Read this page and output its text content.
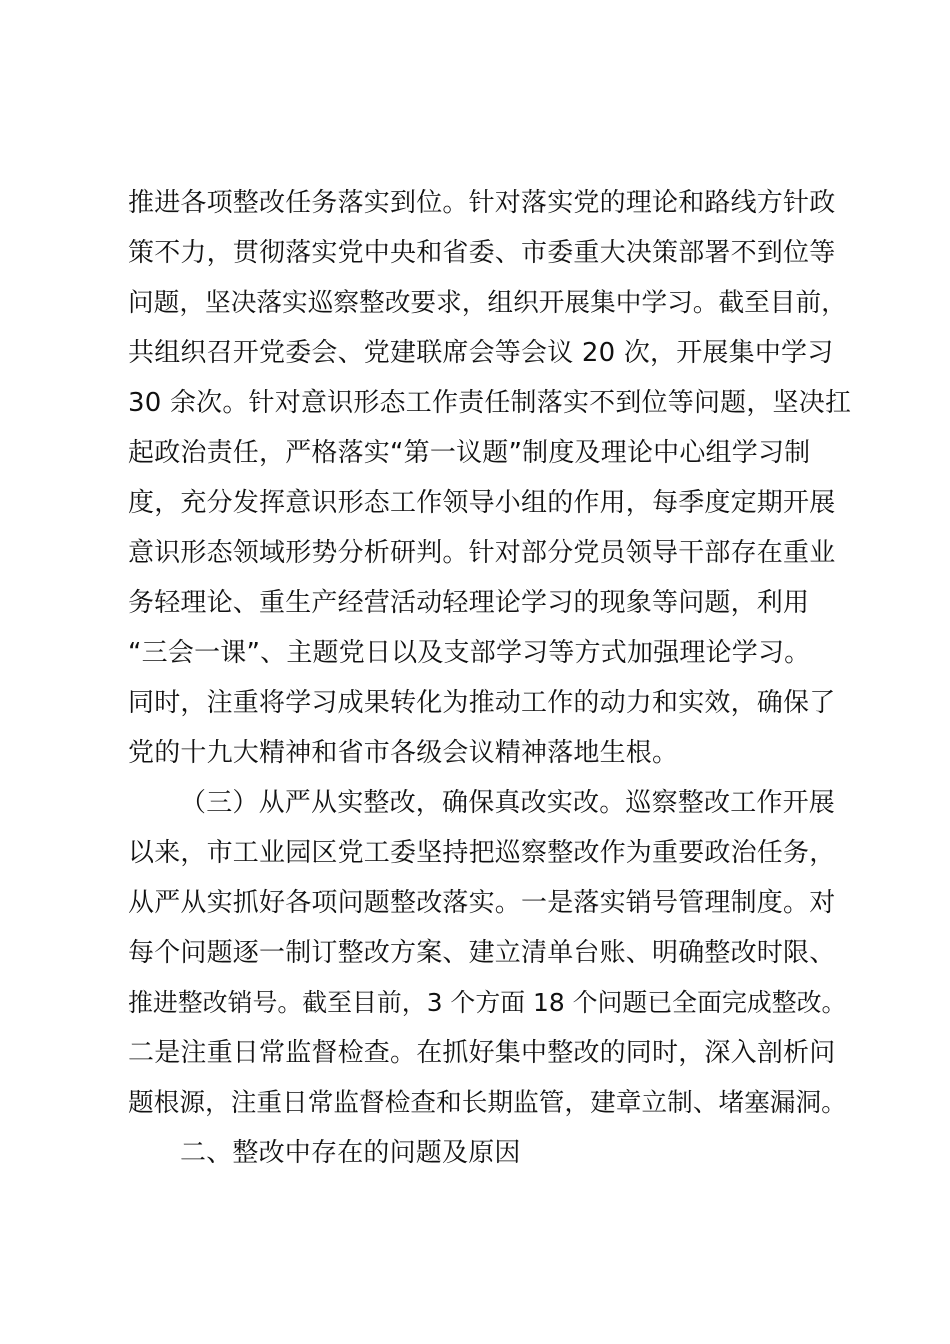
推进各项整改任务落实到位。针对落实党的理论和路线方针政
策不力，贯彻落实党中央和省委、市委重大决策部署不到位等
问题，坚决落实巡察整改要求，组织开展集中学习。截至目前，
共组织召开党委会、党建联席会等会议 20 次，开展集中学习
30 余次。针对意识形态工作责任制落实不到位等问题，坚决扛
起政治责任，严格落实“第一议题”制度及理论中心组学习制
度，充分发挥意识形态工作领导小组的作用，每季度定期开展
意识形态领域形势分析研判。针对部分党员领导干部存在重业
务轻理论、重生产经营活动轻理论学习的现象等问题，利用
“三会一课”、主题党日以及支部学习等方式加强理论学习。
同时，注重将学习成果转化为推动工作的动力和实效，确保了
党的十九大精神和省市各级会议精神落地生根。
（三）从严从实整改，确保真改实改。巡察整改工作开展
以来，市工业园区党工委坚持把巡察整改作为重要政治任务，
从严从实抓好各项问题整改落实。一是落实销号管理制度。对
每个问题逐一制订整改方案、建立清单台账、明确整改时限、
推进整改销号。截至目前，3 个方面 18 个问题已全面完成整改。
二是注重日常监督检查。在抓好集中整改的同时，深入剖析问
题根源，注重日常监督检查和长期监管，建章立制、堵塞漏洞。
二、整改中存在的问题及原因
